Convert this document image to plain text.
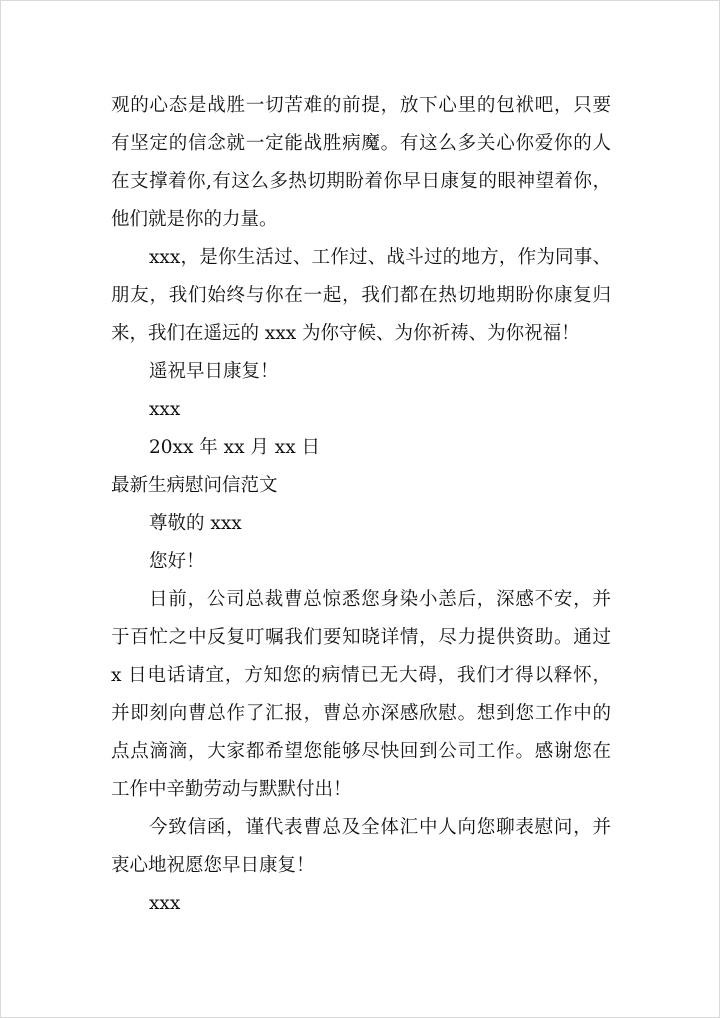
观的心态是战胜一切苦难的前提，放下心里的包袱吧，只要
有坚定的信念就一定能战胜病魔。有这么多关心你爱你的人
在支撑着你,有这么多热切期盼着你早日康复的眼神望着你，
他们就是你的力量。
xxx，是你生活过、工作过、战斗过的地方，作为同事、
朋友，我们始终与你在一起，我们都在热切地期盼你康复归
来，我们在遥远的 xxx 为你守候、为你祈祷、为你祝福！
遥祝早日康复！
xxx
20xx 年 xx 月 xx 日
最新生病慰问信范文
尊敬的 xxx
您好！
日前，公司总裁曹总惊悉您身染小恙后，深感不安，并
于百忙之中反复叮嘱我们要知晓详情，尽力提供资助。通过
x 日电话请宜，方知您的病情已无大碍，我们才得以释怀，
并即刻向曹总作了汇报，曹总亦深感欣慰。想到您工作中的
点点滴滴，大家都希望您能够尽快回到公司工作。感谢您在
工作中辛勤劳动与默默付出！
今致信函，谨代表曹总及全体汇中人向您聊表慰问，并
衷心地祝愿您早日康复！
xxx
